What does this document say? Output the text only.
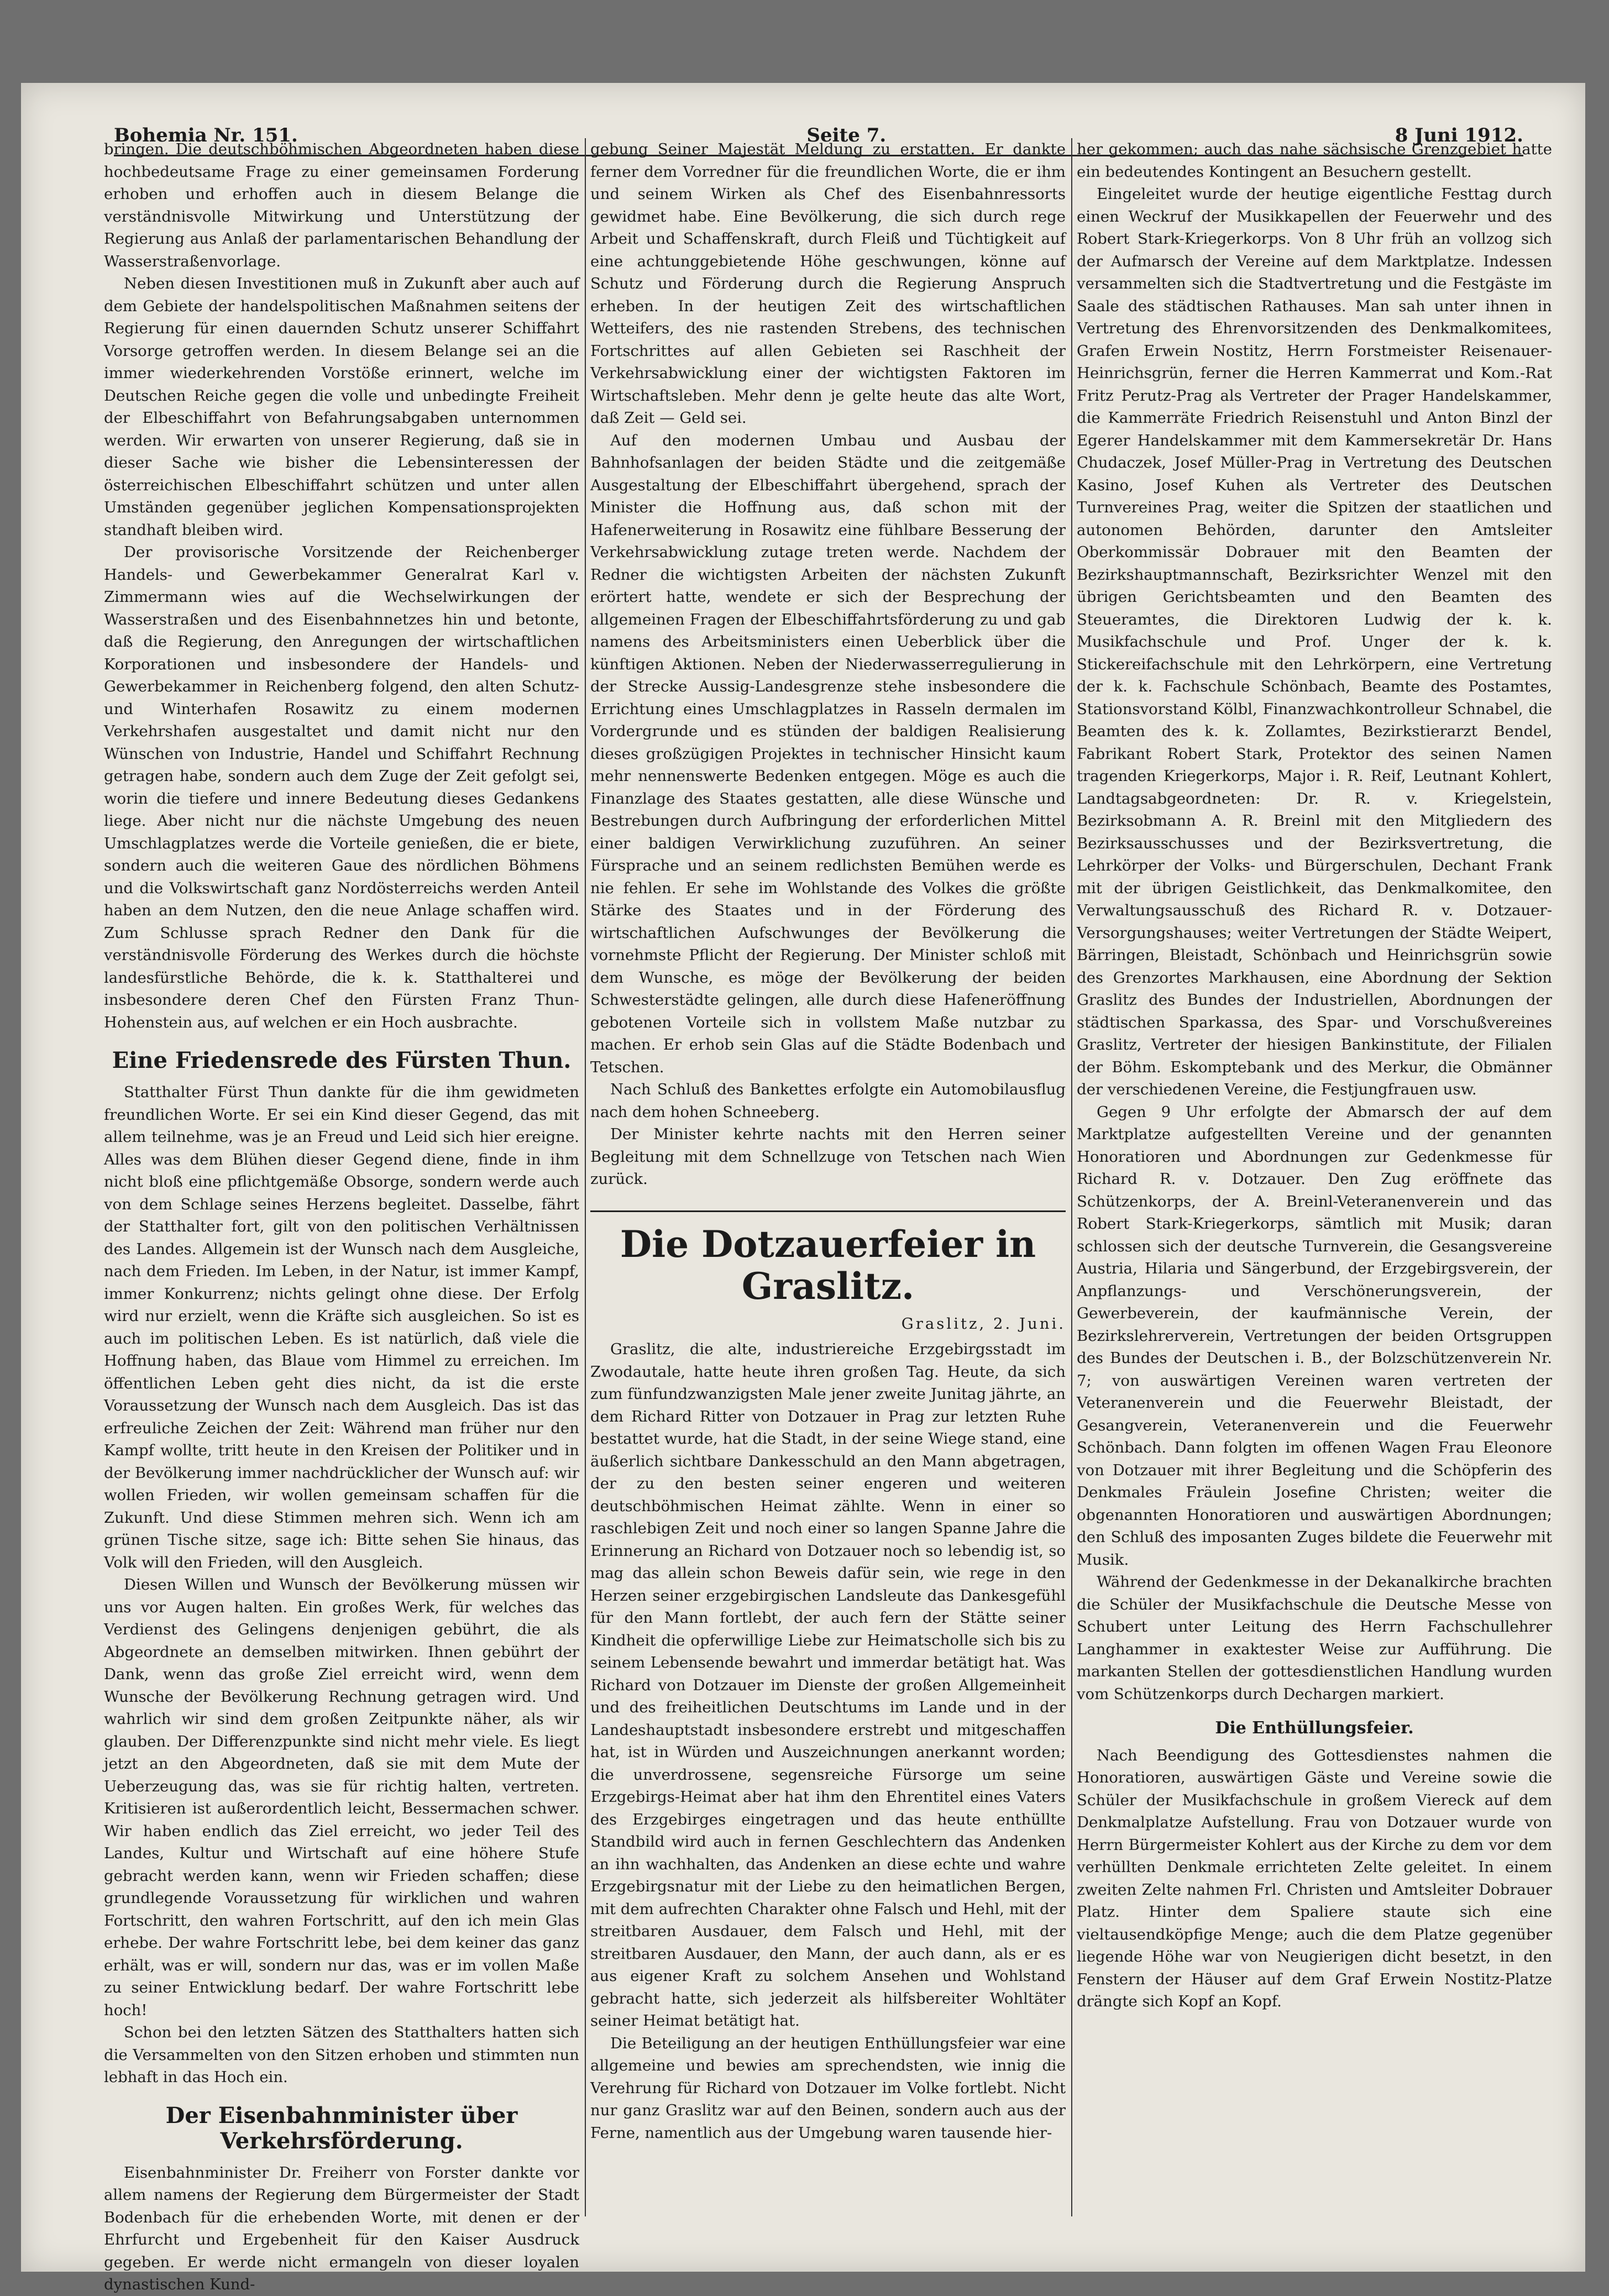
Bohemia Nr. 151.	Seite 7.	8 Juni 1912.

bringen. Die deutschböhmischen Abgeordneten haben diese hochbedeutsame Frage zu einer gemeinsamen Forderung erhoben und erhoffen auch in diesem Belange die verständnisvolle Mitwirkung und Unterstützung der Regierung aus Anlaß der parlamentarischen Behandlung der Wasserstraßenvorlage.

Neben diesen Investitionen muß in Zukunft aber auch auf dem Gebiete der handelspolitischen Maßnahmen seitens der Regierung für einen dauernden Schutz unserer Schiffahrt Vorsorge getroffen werden. In diesem Belange sei an die immer wiederkehrenden Vorstöße erinnert, welche im Deutschen Reiche gegen die volle und unbedingte Freiheit der Elbeschiffahrt von Befahrungsabgaben unternommen werden. Wir erwarten von unserer Regierung, daß sie in dieser Sache wie bisher die Lebensinteressen der österreichischen Elbeschiffahrt schützen und unter allen Umständen gegenüber jeglichen Kompensationsprojekten standhaft bleiben wird.

Der provisorische Vorsitzende der Reichenberger Handels- und Gewerbekammer Generalrat Karl v. Zimmermann wies auf die Wechselwirkungen der Wasserstraßen und des Eisenbahnnetzes hin und betonte, daß die Regierung, den Anregungen der wirtschaftlichen Korporationen und insbesondere der Handels- und Gewerbekammer in Reichenberg folgend, den alten Schutz- und Winterhafen Rosawitz zu einem modernen Verkehrshafen ausgestaltet und damit nicht nur den Wünschen von Industrie, Handel und Schiffahrt Rechnung getragen habe, sondern auch dem Zuge der Zeit gefolgt sei, worin die tiefere und innere Bedeutung dieses Gedankens liege. Aber nicht nur die nächste Umgebung des neuen Umschlagplatzes werde die Vorteile genießen, die er biete, sondern auch die weiteren Gaue des nördlichen Böhmens und die Volkswirtschaft ganz Nordösterreichs werden Anteil haben an dem Nutzen, den die neue Anlage schaffen wird. Zum Schlusse sprach Redner den Dank für die verständnisvolle Förderung des Werkes durch die höchste landesfürstliche Behörde, die k. k. Statthalterei und insbesondere deren Chef den Fürsten Franz Thun-Hohenstein aus, auf welchen er ein Hoch ausbrachte.

Eine Friedensrede des Fürsten Thun.

Statthalter Fürst Thun dankte für die ihm gewidmeten freundlichen Worte. Er sei ein Kind dieser Gegend, das mit allem teilnehme, was je an Freud und Leid sich hier ereigne. Alles was dem Blühen dieser Gegend diene, finde in ihm nicht bloß eine pflichtgemäße Obsorge, sondern werde auch von dem Schlage seines Herzens begleitet. Dasselbe, fährt der Statthalter fort, gilt von den politischen Verhältnissen des Landes. Allgemein ist der Wunsch nach dem Ausgleiche, nach dem Frieden. Im Leben, in der Natur, ist immer Kampf, immer Konkurrenz; nichts gelingt ohne diese. Der Erfolg wird nur erzielt, wenn die Kräfte sich ausgleichen. So ist es auch im politischen Leben. Es ist natürlich, daß viele die Hoffnung haben, das Blaue vom Himmel zu erreichen. Im öffentlichen Leben geht dies nicht, da ist die erste Voraussetzung der Wunsch nach dem Ausgleich. Das ist das erfreuliche Zeichen der Zeit: Während man früher nur den Kampf wollte, tritt heute in den Kreisen der Politiker und in der Bevölkerung immer nachdrücklicher der Wunsch auf: wir wollen Frieden, wir wollen gemeinsam schaffen für die Zukunft. Und diese Stimmen mehren sich. Wenn ich am grünen Tische sitze, sage ich: Bitte sehen Sie hinaus, das Volk will den Frieden, will den Ausgleich.

Diesen Willen und Wunsch der Bevölkerung müssen wir uns vor Augen halten. Ein großes Werk, für welches das Verdienst des Gelingens denjenigen gebührt, die als Abgeordnete an demselben mitwirken. Ihnen gebührt der Dank, wenn das große Ziel erreicht wird, wenn dem Wunsche der Bevölkerung Rechnung getragen wird. Und wahrlich wir sind dem großen Zeitpunkte näher, als wir glauben. Der Differenzpunkte sind nicht mehr viele. Es liegt jetzt an den Abgeordneten, daß sie mit dem Mute der Ueberzeugung das, was sie für richtig halten, vertreten. Kritisieren ist außerordentlich leicht, Bessermachen schwer. Wir haben endlich das Ziel erreicht, wo jeder Teil des Landes, Kultur und Wirtschaft auf eine höhere Stufe gebracht werden kann, wenn wir Frieden schaffen; diese grundlegende Voraussetzung für wirklichen und wahren Fortschritt, den wahren Fortschritt, auf den ich mein Glas erhebe. Der wahre Fortschritt lebe, bei dem keiner das ganz erhält, was er will, sondern nur das, was er im vollen Maße zu seiner Entwicklung bedarf. Der wahre Fortschritt lebe hoch!

Schon bei den letzten Sätzen des Statthalters hatten sich die Versammelten von den Sitzen erhoben und stimmten nun lebhaft in das Hoch ein.

Der Eisenbahnminister über Verkehrsförderung.

Eisenbahnminister Dr. Freiherr von Forster dankte vor allem namens der Regierung dem Bürgermeister der Stadt Bodenbach für die erhebenden Worte, mit denen er der Ehrfurcht und Ergebenheit für den Kaiser Ausdruck gegeben. Er werde nicht ermangeln von dieser loyalen dynastischen Kund-

gebung Seiner Majestät Meldung zu erstatten. Er dankte ferner dem Vorredner für die freundlichen Worte, die er ihm und seinem Wirken als Chef des Eisenbahnressorts gewidmet habe. Eine Bevölkerung, die sich durch rege Arbeit und Schaffenskraft, durch Fleiß und Tüchtigkeit auf eine achtunggebietende Höhe geschwungen, könne auf Schutz und Förderung durch die Regierung Anspruch erheben. In der heutigen Zeit des wirtschaftlichen Wetteifers, des nie rastenden Strebens, des technischen Fortschrittes auf allen Gebieten sei Raschheit der Verkehrsabwicklung einer der wichtigsten Faktoren im Wirtschaftsleben. Mehr denn je gelte heute das alte Wort, daß Zeit — Geld sei.

Auf den modernen Umbau und Ausbau der Bahnhofsanlagen der beiden Städte und die zeitgemäße Ausgestaltung der Elbeschiffahrt übergehend, sprach der Minister die Hoffnung aus, daß schon mit der Hafenerweiterung in Rosawitz eine fühlbare Besserung der Verkehrsabwicklung zutage treten werde. Nachdem der Redner die wichtigsten Arbeiten der nächsten Zukunft erörtert hatte, wendete er sich der Besprechung der allgemeinen Fragen der Elbeschiffahrtsförderung zu und gab namens des Arbeitsministers einen Ueberblick über die künftigen Aktionen. Neben der Niederwasserregulierung in der Strecke Aussig-Landesgrenze stehe insbesondere die Errichtung eines Umschlagplatzes in Rasseln dermalen im Vordergrunde und es stünden der baldigen Realisierung dieses großzügigen Projektes in technischer Hinsicht kaum mehr nennenswerte Bedenken entgegen. Möge es auch die Finanzlage des Staates gestatten, alle diese Wünsche und Bestrebungen durch Aufbringung der erforderlichen Mittel einer baldigen Verwirklichung zuzuführen. An seiner Fürsprache und an seinem redlichsten Bemühen werde es nie fehlen. Er sehe im Wohlstande des Volkes die größte Stärke des Staates und in der Förderung des wirtschaftlichen Aufschwunges der Bevölkerung die vornehmste Pflicht der Regierung. Der Minister schloß mit dem Wunsche, es möge der Bevölkerung der beiden Schwesterstädte gelingen, alle durch diese Hafeneröffnung gebotenen Vorteile sich in vollstem Maße nutzbar zu machen. Er erhob sein Glas auf die Städte Bodenbach und Tetschen.

Nach Schluß des Bankettes erfolgte ein Automobilausflug nach dem hohen Schneeberg.

Der Minister kehrte nachts mit den Herren seiner Begleitung mit dem Schnellzuge von Tetschen nach Wien zurück.

Die Dotzauerfeier in Graslitz.
Graslitz, 2. Juni.

Graslitz, die alte, industriereiche Erzgebirgsstadt im Zwodautale, hatte heute ihren großen Tag. Heute, da sich zum fünfundzwanzigsten Male jener zweite Junitag jährte, an dem Richard Ritter von Dotzauer in Prag zur letzten Ruhe bestattet wurde, hat die Stadt, in der seine Wiege stand, eine äußerlich sichtbare Dankesschuld an den Mann abgetragen, der zu den besten seiner engeren und weiteren deutschböhmischen Heimat zählte. Wenn in einer so raschlebigen Zeit und noch einer so langen Spanne Jahre die Erinnerung an Richard von Dotzauer noch so lebendig ist, so mag das allein schon Beweis dafür sein, wie rege in den Herzen seiner erzgebirgischen Landsleute das Dankesgefühl für den Mann fortlebt, der auch fern der Stätte seiner Kindheit die opferwillige Liebe zur Heimatscholle sich bis zu seinem Lebensende bewahrt und immerdar betätigt hat. Was Richard von Dotzauer im Dienste der großen Allgemeinheit und des freiheitlichen Deutschtums im Lande und in der Landeshauptstadt insbesondere erstrebt und mitgeschaffen hat, ist in Würden und Auszeichnungen anerkannt worden; die unverdrossene, segensreiche Fürsorge um seine Erzgebirgs-Heimat aber hat ihm den Ehrentitel eines Vaters des Erzgebirges eingetragen und das heute enthüllte Standbild wird auch in fernen Geschlechtern das Andenken an ihn wachhalten, das Andenken an diese echte und wahre Erzgebirgsnatur mit der Liebe zu den heimatlichen Bergen, mit dem aufrechten Charakter ohne Falsch und Hehl, mit der streitbaren Ausdauer, dem Falsch und Hehl, mit der streitbaren Ausdauer, den Mann, der auch dann, als er es aus eigener Kraft zu solchem Ansehen und Wohlstand gebracht hatte, sich jederzeit als hilfsbereiter Wohltäter seiner Heimat betätigt hat.

Die Beteiligung an der heutigen Enthüllungsfeier war eine allgemeine und bewies am sprechendsten, wie innig die Verehrung für Richard von Dotzauer im Volke fortlebt. Nicht nur ganz Graslitz war auf den Beinen, sondern auch aus der Ferne, namentlich aus der Umgebung waren tausende hier-

her gekommen; auch das nahe sächsische Grenzgebiet hatte ein bedeutendes Kontingent an Besuchern gestellt.

Eingeleitet wurde der heutige eigentliche Festtag durch einen Weckruf der Musikkapellen der Feuerwehr und des Robert Stark-Kriegerkorps. Von 8 Uhr früh an vollzog sich der Aufmarsch der Vereine auf dem Marktplatze. Indessen versammelten sich die Stadtvertretung und die Festgäste im Saale des städtischen Rathauses. Man sah unter ihnen in Vertretung des Ehrenvorsitzenden des Denkmalkomitees, Grafen Erwein Nostitz, Herrn Forstmeister Reisenauer-Heinrichsgrün, ferner die Herren Kammerrat und Kom.-Rat Fritz Perutz-Prag als Vertreter der Prager Handelskammer, die Kammerräte Friedrich Reisenstuhl und Anton Binzl der Egerer Handelskammer mit dem Kammersekretär Dr. Hans Chudaczek, Josef Müller-Prag in Vertretung des Deutschen Kasino, Josef Kuhen als Vertreter des Deutschen Turnvereines Prag, weiter die Spitzen der staatlichen und autonomen Behörden, darunter den Amtsleiter Oberkommissär Dobrauer mit den Beamten der Bezirkshauptmannschaft, Bezirksrichter Wenzel mit den übrigen Gerichtsbeamten und den Beamten des Steueramtes, die Direktoren Ludwig der k. k. Musikfachschule und Prof. Unger der k. k. Stickereifachschule mit den Lehrkörpern, eine Vertretung der k. k. Fachschule Schönbach, Beamte des Postamtes, Stationsvorstand Kölbl, Finanzwachkontrolleur Schnabel, die Beamten des k. k. Zollamtes, Bezirkstierarzt Bendel, Fabrikant Robert Stark, Protektor des seinen Namen tragenden Kriegerkorps, Major i. R. Reif, Leutnant Kohlert, Landtagsabgeordneten: Dr. R. v. Kriegelstein, Bezirksobmann A. R. Breinl mit den Mitgliedern des Bezirksausschusses und der Bezirksvertretung, die Lehrkörper der Volks- und Bürgerschulen, Dechant Frank mit der übrigen Geistlichkeit, das Denkmalkomitee, den Verwaltungsausschuß des Richard R. v. Dotzauer-Versorgungshauses; weiter Vertretungen der Städte Weipert, Bärringen, Bleistadt, Schönbach und Heinrichsgrün sowie des Grenzortes Markhausen, eine Abordnung der Sektion Graslitz des Bundes der Industriellen, Abordnungen der städtischen Sparkassa, des Spar- und Vorschußvereines Graslitz, Vertreter der hiesigen Bankinstitute, der Filialen der Böhm. Eskomptebank und des Merkur, die Obmänner der verschiedenen Vereine, die Festjungfrauen usw.

Gegen 9 Uhr erfolgte der Abmarsch der auf dem Marktplatze aufgestellten Vereine und der genannten Honoratioren und Abordnungen zur Gedenkmesse für Richard R. v. Dotzauer. Den Zug eröffnete das Schützenkorps, der A. Breinl-Veteranenverein und das Robert Stark-Kriegerkorps, sämtlich mit Musik; daran schlossen sich der deutsche Turnverein, die Gesangsvereine Austria, Hilaria und Sängerbund, der Erzgebirgsverein, der Anpflanzungs- und Verschönerungsverein, der Gewerbeverein, der kaufmännische Verein, der Bezirkslehrerverein, Vertretungen der beiden Ortsgruppen des Bundes der Deutschen i. B., der Bolzschützenverein Nr. 7; von auswärtigen Vereinen waren vertreten der Veteranenverein und die Feuerwehr Bleistadt, der Gesangverein, Veteranenverein und die Feuerwehr Schönbach. Dann folgten im offenen Wagen Frau Eleonore von Dotzauer mit ihrer Begleitung und die Schöpferin des Denkmales Fräulein Josefine Christen; weiter die obgenannten Honoratioren und auswärtigen Abordnungen; den Schluß des imposanten Zuges bildete die Feuerwehr mit Musik.

Während der Gedenkmesse in der Dekanalkirche brachten die Schüler der Musikfachschule die Deutsche Messe von Schubert unter Leitung des Herrn Fachschullehrer Langhammer in exaktester Weise zur Aufführung. Die markanten Stellen der gottesdienstlichen Handlung wurden vom Schützenkorps durch Dechargen markiert.

Die Enthüllungsfeier.

Nach Beendigung des Gottesdienstes nahmen die Honoratioren, auswärtigen Gäste und Vereine sowie die Schüler der Musikfachschule in großem Viereck auf dem Denkmalplatze Aufstellung. Frau von Dotzauer wurde von Herrn Bürgermeister Kohlert aus der Kirche zu dem vor dem verhüllten Denkmale errichteten Zelte geleitet. In einem zweiten Zelte nahmen Frl. Christen und Amtsleiter Dobrauer Platz. Hinter dem Spaliere staute sich eine vieltausendköpfige Menge; auch die dem Platze gegenüber liegende Höhe war von Neugierigen dicht besetzt, in den Fenstern der Häuser auf dem Graf Erwein Nostitz-Platze drängte sich Kopf an Kopf.
